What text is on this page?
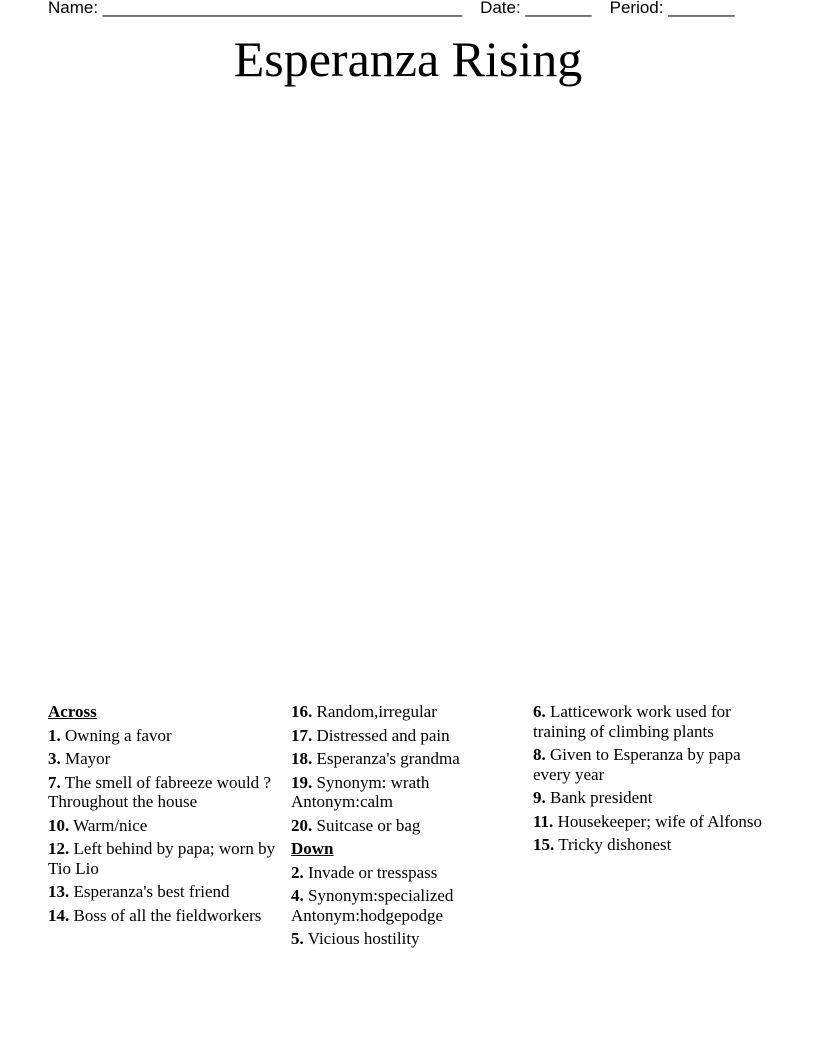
Name: ______________________________________ Date: _______ Period: _______
Esperanza Rising
Across
1. Owning a favor
3. Mayor
7. The smell of fabreeze would ? Throughout the house
10. Warm/nice
12. Left behind by papa; worn by Tio Lio
13. Esperanza's best friend
14. Boss of all the fieldworkers
16. Random,irregular
17. Distressed and pain
18. Esperanza's grandma
19. Synonym: wrath Antonym:calm
20. Suitcase or bag
Down
2. Invade or tresspass
4. Synonym:specialized Antonym:hodgepodge
5. Vicious hostility
6. Latticework work used for training of climbing plants
8. Given to Esperanza by papa every year
9. Bank president
11. Housekeeper; wife of Alfonso
15. Tricky dishonest
